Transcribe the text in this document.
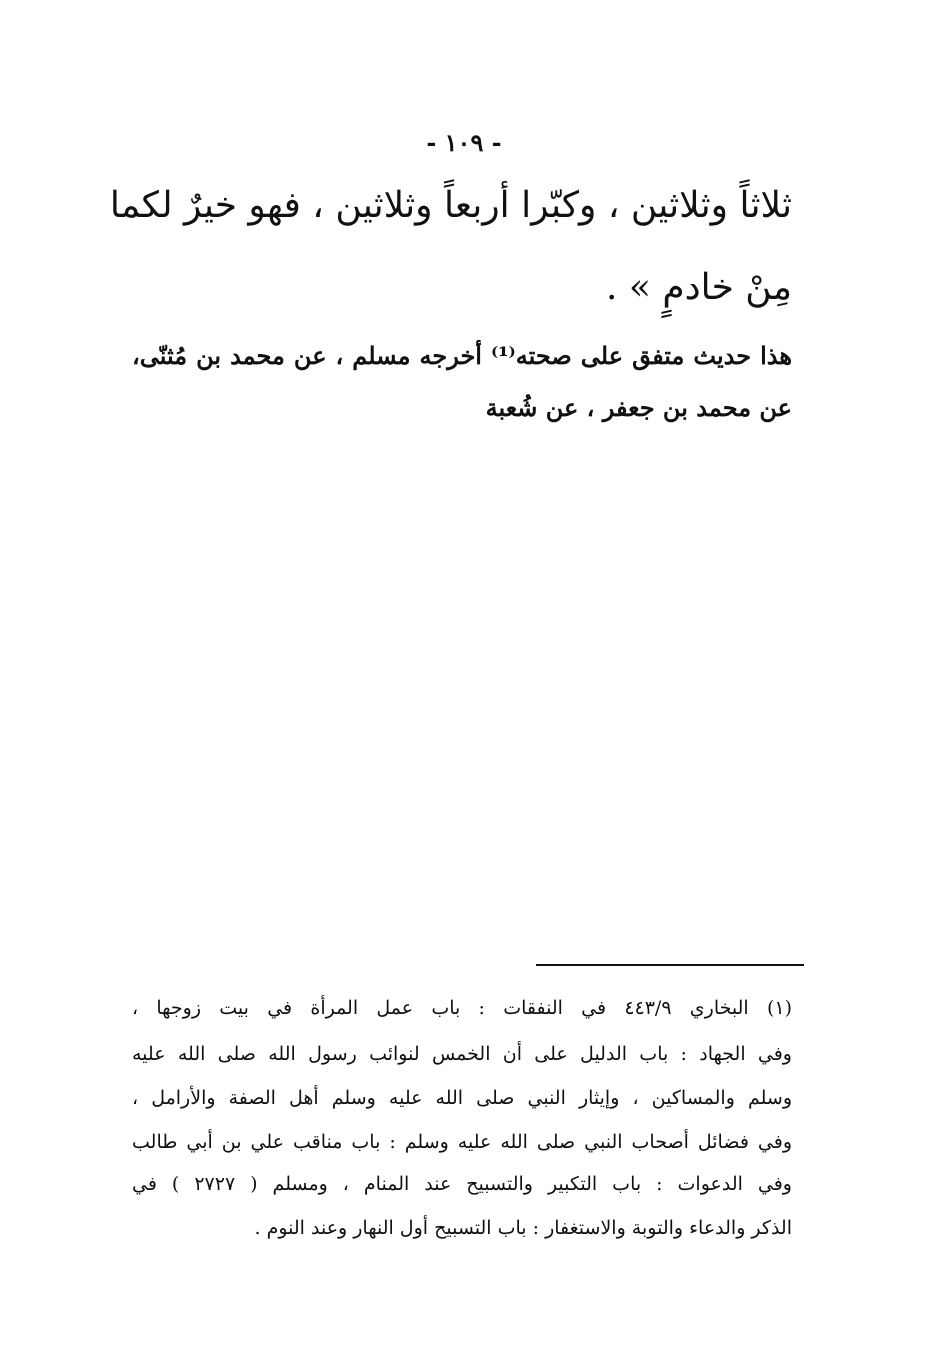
- ١٠٩ -
ثلاثاً وثلاثين ، وكبّرا أربعاً وثلاثين ، فهو خيرٌ لكما
مِنْ خادمٍ » .
هذا حديث متفق على صحته⁽¹⁾ أخرجه مسلم ، عن محمد بن مُثنّى،
عن محمد بن جعفر ، عن شُعبة
(١) البخاري ٤٤٣/٩ في النفقات : باب عمل المرأة في بيت زوجها ،
وفي الجهاد : باب الدليل على أن الخمس لنوائب رسول الله صلى الله عليه
وسلم والمساكين ، وإيثار النبي صلى الله عليه وسلم أهل الصفة والأرامل ،
وفي فضائل أصحاب النبي صلى الله عليه وسلم : باب مناقب علي بن أبي طالب
وفي الدعوات : باب التكبير والتسبيح عند المنام ، ومسلم ( ٢٧٢٧ ) في
الذكر والدعاء والتوبة والاستغفار : باب التسبيح أول النهار وعند النوم .
